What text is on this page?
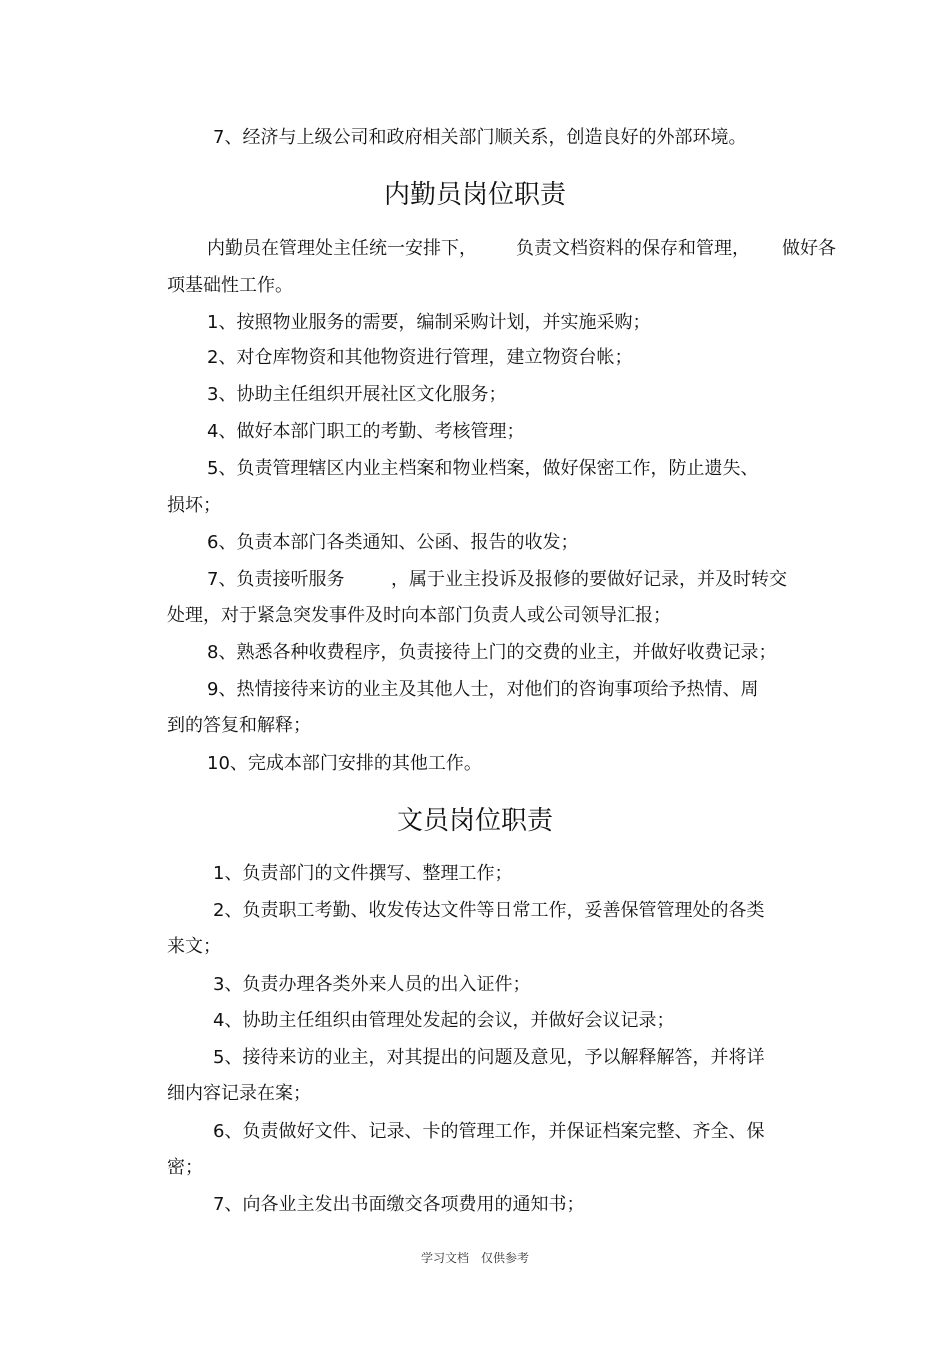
7、经济与上级公司和政府相关部门顺关系，创造良好的外部环境。
内勤员岗位职责
内勤员在管理处主任统一安排下， 负责文档资料的保存和管理， 做好各
项基础性工作。
1、按照物业服务的需要，编制采购计划，并实施采购；
2、对仓库物资和其他物资进行管理，建立物资台帐；
3、协助主任组织开展社区文化服务；
4、做好本部门职工的考勤、考核管理；
5、负责管理辖区内业主档案和物业档案，做好保密工作，防止遗失、
损坏；
6、负责本部门各类通知、公函、报告的收发；
7、负责接听服务	，属于业主投诉及报修的要做好记录，并及时转交
处理，对于紧急突发事件及时向本部门负责人或公司领导汇报；
8、熟悉各种收费程序，负责接待上门的交费的业主，并做好收费记录；
9、热情接待来访的业主及其他人士，对他们的咨询事项给予热情、周
到的答复和解释；
10、完成本部门安排的其他工作。
文员岗位职责
1、负责部门的文件撰写、整理工作；
2、负责职工考勤、收发传达文件等日常工作，妥善保管管理处的各类
来文；
3、负责办理各类外来人员的出入证件；
4、协助主任组织由管理处发起的会议，并做好会议记录；
5、接待来访的业主，对其提出的问题及意见，予以解释解答，并将详
细内容记录在案；
6、负责做好文件、记录、卡的管理工作，并保证档案完整、齐全、保
密；
7、向各业主发出书面缴交各项费用的通知书；
学习文档　仅供参考
